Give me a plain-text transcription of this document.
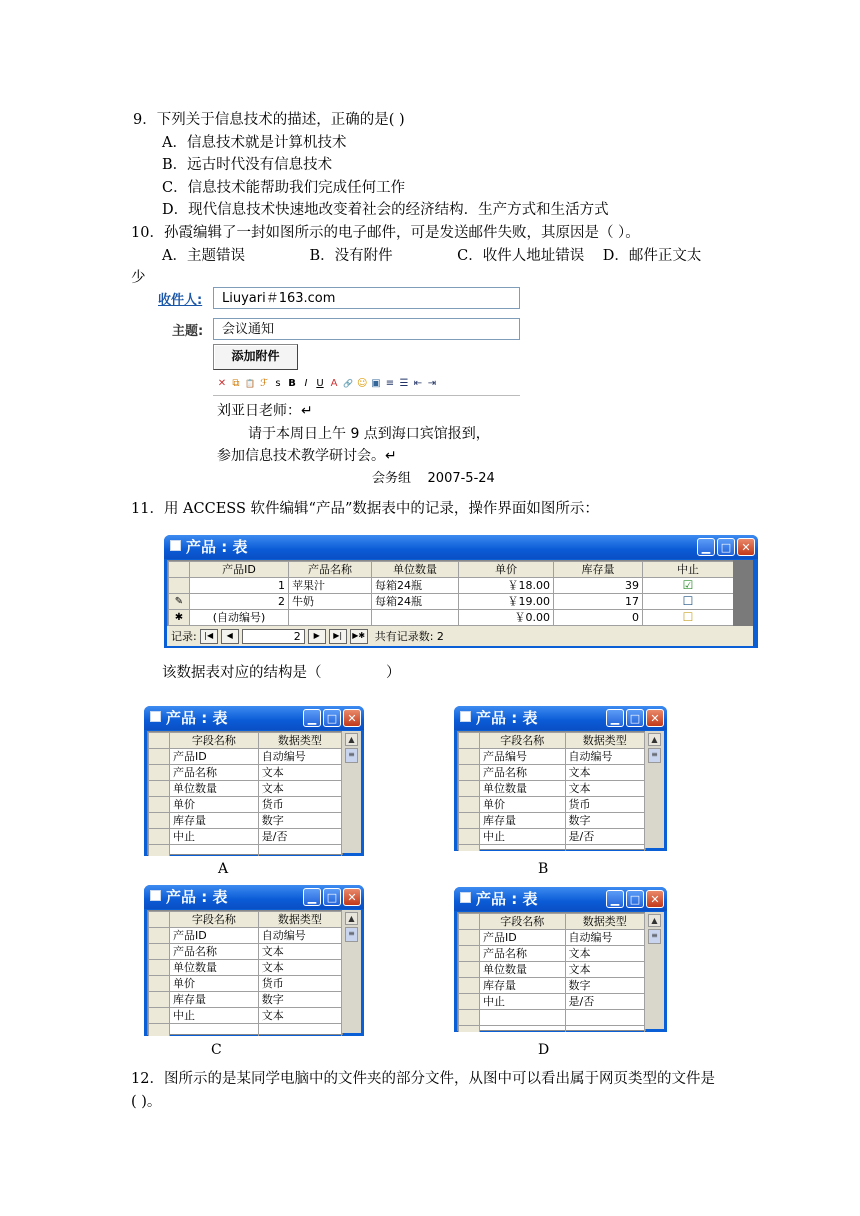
9．下列关于信息技术的描述，正确的是( )
A．信息技术就是计算机技术
B．远古时代没有信息技术
C．信息技术能帮助我们完成任何工作
D．现代信息技术快速地改变着社会的经济结构．生产方式和生活方式
10．孙霞编辑了一封如图所示的电子邮件，可是发送邮件失败，其原因是（ ）。
A．主题错误              B．没有附件              C．收件人地址错误    D．邮件正文太
少
收件人:	Liuyari＃163.com
主题:	会议通知
添加附件
✕ ⧉ 📋 ℱ ꜱ B I U A 🔗 ☺ ▣ ≡ ☰ ⇤ ⇥
刘亚日老师：↵
请于本周日上午 9 点到海口宾馆报到，
参加信息技术教学研讨会。↵
会务组    2007-5-24
11．用 ACCESS 软件编辑“产品”数据表中的记录，操作界面如图所示：
产品 : 表	▁ □ ✕
	产品ID	产品名称	单位数量	单价	库存量	中止
	1	苹果汁	每箱24瓶	￥18.00	39	☑
✎	2	牛奶	每箱24瓶	￥19.00	17	☐
✱	(自动编号)			￥0.00	0	☐
记录: |◀	◀	2	▶	▶|	▶✱ 共有记录数: 2
该数据表对应的结构是（              ）
产品 : 表	▁ □ ✕
	字段名称	数据类型
	产品ID	自动编号
	产品名称	文本
	单位数量	文本
	单价	货币
	库存量	数字
	中止	是/否

▲
≡
产品 : 表	▁ □ ✕
	字段名称	数据类型
	产品编号	自动编号
	产品名称	文本
	单位数量	文本
	单价	货币
	库存量	数字
	中止	是/否

▲
≡
产品 : 表	▁ □ ✕
	字段名称	数据类型
	产品ID	自动编号
	产品名称	文本
	单位数量	文本
	单价	货币
	库存量	数字
	中止	文本

▲
≡
产品 : 表	▁ □ ✕
	字段名称	数据类型
	产品ID	自动编号
	产品名称	文本
	单位数量	文本
	库存量	数字
	中止	是/否

▲
≡
A	B
C	D
12．图所示的是某同学电脑中的文件夹的部分文件，从图中可以看出属于网页类型的文件是
( )。
